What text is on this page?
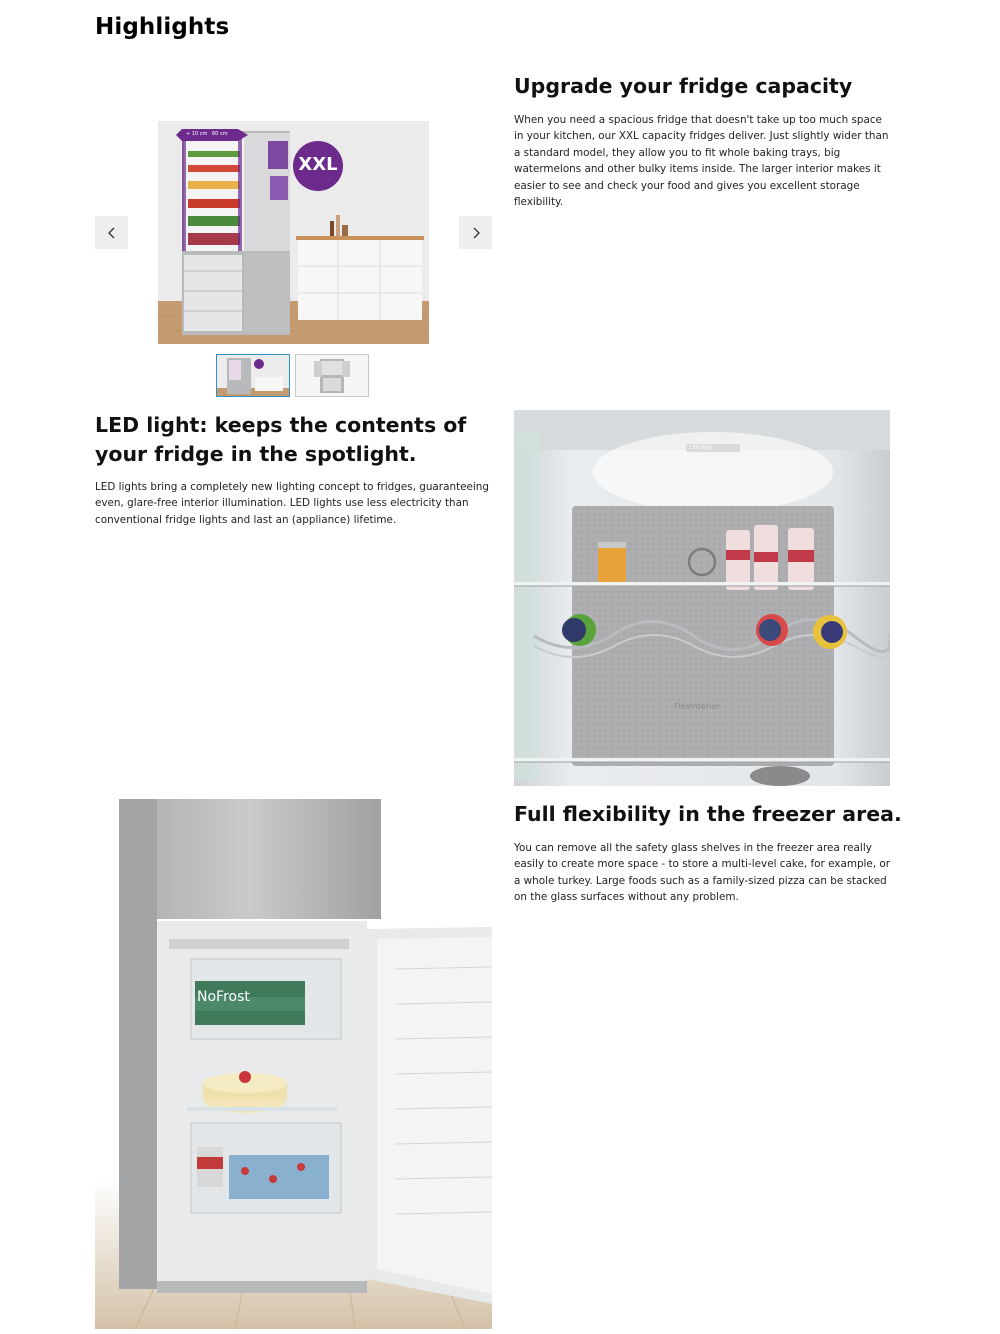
Highlights
+ 10 cm 60 cm
XXL
Upgrade your fridge capacity

When you need a spacious fridge that doesn't take up too much space in your kitchen, our XXL capacity fridges deliver. Just slightly wider than a standard model, they allow you to fit whole baking trays, big watermelons and other bulky items inside. The larger interior makes it easier to see and check your food and gives you excellent storage flexibility.

LED light: keeps the contents of
your fridge in the spotlight.

LED lights bring a completely new lighting concept to fridges, guaranteeing even, glare-free interior illumination. LED lights use less electricity than conventional fridge lights and last an (appliance) lifetime.

LED light
FlexInterior
NoFrost
Full flexibility in the freezer area.

You can remove all the safety glass shelves in the freezer area really easily to create more space - to store a multi-level cake, for example, or a whole turkey. Large foods such as a family-sized pizza can be stacked on the glass surfaces without any problem.
